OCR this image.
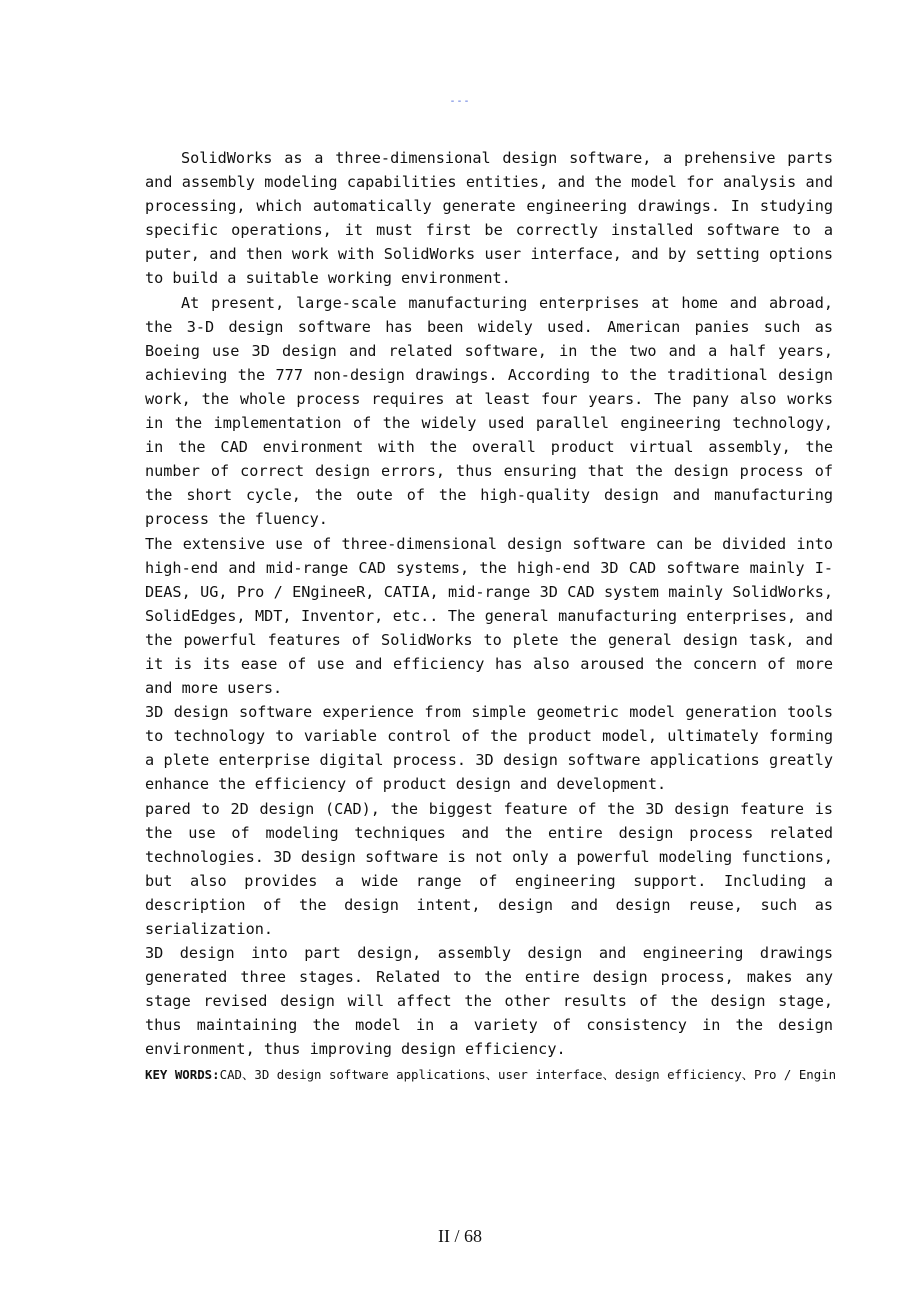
---

SolidWorks as a three-dimensional design software, a prehensive parts and assembly modeling capabilities entities, and the model for analysis and processing, which automatically generate engineering drawings. In studying specific operations, it must first be correctly installed software to a puter, and then work with SolidWorks user interface, and by setting options to build a suitable working environment.

At present, large-scale manufacturing enterprises at home and abroad, the 3-D design software has been widely used. American panies such as Boeing use 3D design and related software, in the two and a half years, achieving the 777 non-design drawings. According to the traditional design work, the whole process requires at least four years. The pany also works in the implementation of the widely used parallel engineering technology, in the CAD environment with the overall product virtual assembly, the number of correct design errors, thus ensuring that the design process of the short cycle, the oute of the high-quality design and manufacturing process the fluency.

The extensive use of three-dimensional design software can be divided into high-end and mid-range CAD systems, the high-end 3D CAD software mainly I-DEAS, UG, Pro / ENgineeR, CATIA, mid-range 3D CAD system mainly SolidWorks, SolidEdges, MDT, Inventor, etc.. The general manufacturing enterprises, and the powerful features of SolidWorks to plete the general design task, and it is its ease of use and efficiency has also aroused the concern of more and more users.

3D design software experience from simple geometric model generation tools to technology to variable control of the product model, ultimately forming a plete enterprise digital process. 3D design software applications greatly enhance the efficiency of product design and development.

pared to 2D design (CAD), the biggest feature of the 3D design feature is the use of modeling techniques and the entire design process related technologies. 3D design software is not only a powerful modeling functions, but also provides a wide range of engineering support. Including a description of the design intent, design and design reuse, such as serialization.

3D design into part design, assembly design and engineering drawings generated three stages. Related to the entire design process, makes any stage revised design will affect the other results of the design stage, thus maintaining the model in a variety of consistency in the design environment, thus improving design efficiency.

KEY WORDS:CAD、3D design software applications、user interface、design efficiency、Pro / Engin
II / 68
